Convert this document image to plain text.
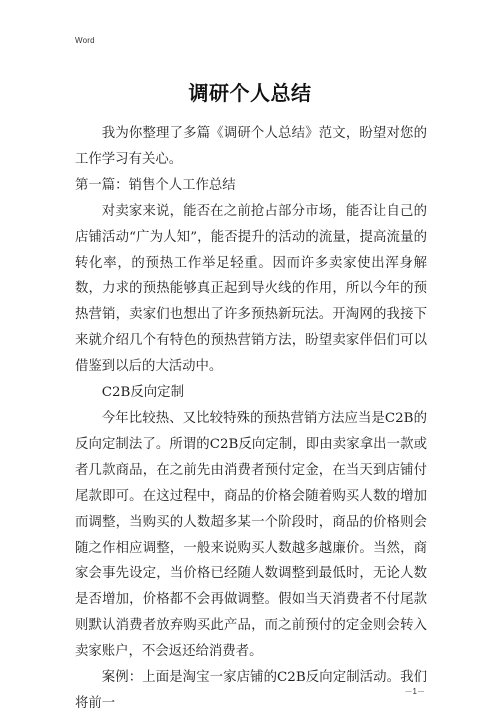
Word
调研个人总结

我为你整理了多篇《调研个人总结》范文，盼望对您的工作学习有关心。

第一篇：销售个人工作总结

对卖家来说，能否在之前抢占部分市场，能否让自己的店铺活动“广为人知”，能否提升的活动的流量，提高流量的转化率，的预热工作举足轻重。因而许多卖家使出浑身解数，力求的预热能够真正起到导火线的作用，所以今年的预热营销，卖家们也想出了许多预热新玩法。开淘网的我接下来就介绍几个有特色的预热营销方法，盼望卖家伴侣们可以借鉴到以后的大活动中。

C2B反向定制

今年比较热、又比较特殊的预热营销方法应当是C2B的反向定制法了。所谓的C2B反向定制，即由卖家拿出一款或者几款商品，在之前先由消费者预付定金，在当天到店铺付尾款即可。在这过程中，商品的价格会随着购买人数的增加而调整，当购买的人数超多某一个阶段时，商品的价格则会随之作相应调整，一般来说购买人数越多越廉价。当然，商家会事先设定，当价格已经随人数调整到最低时，无论人数是否增加，价格都不会再做调整。假如当天消费者不付尾款则默认消费者放弃购买此产品，而之前预付的定金则会转入卖家账户，不会返还给消费者。

案例：上面是淘宝一家店铺的C2B反向定制活动。我们将前一

－1－
